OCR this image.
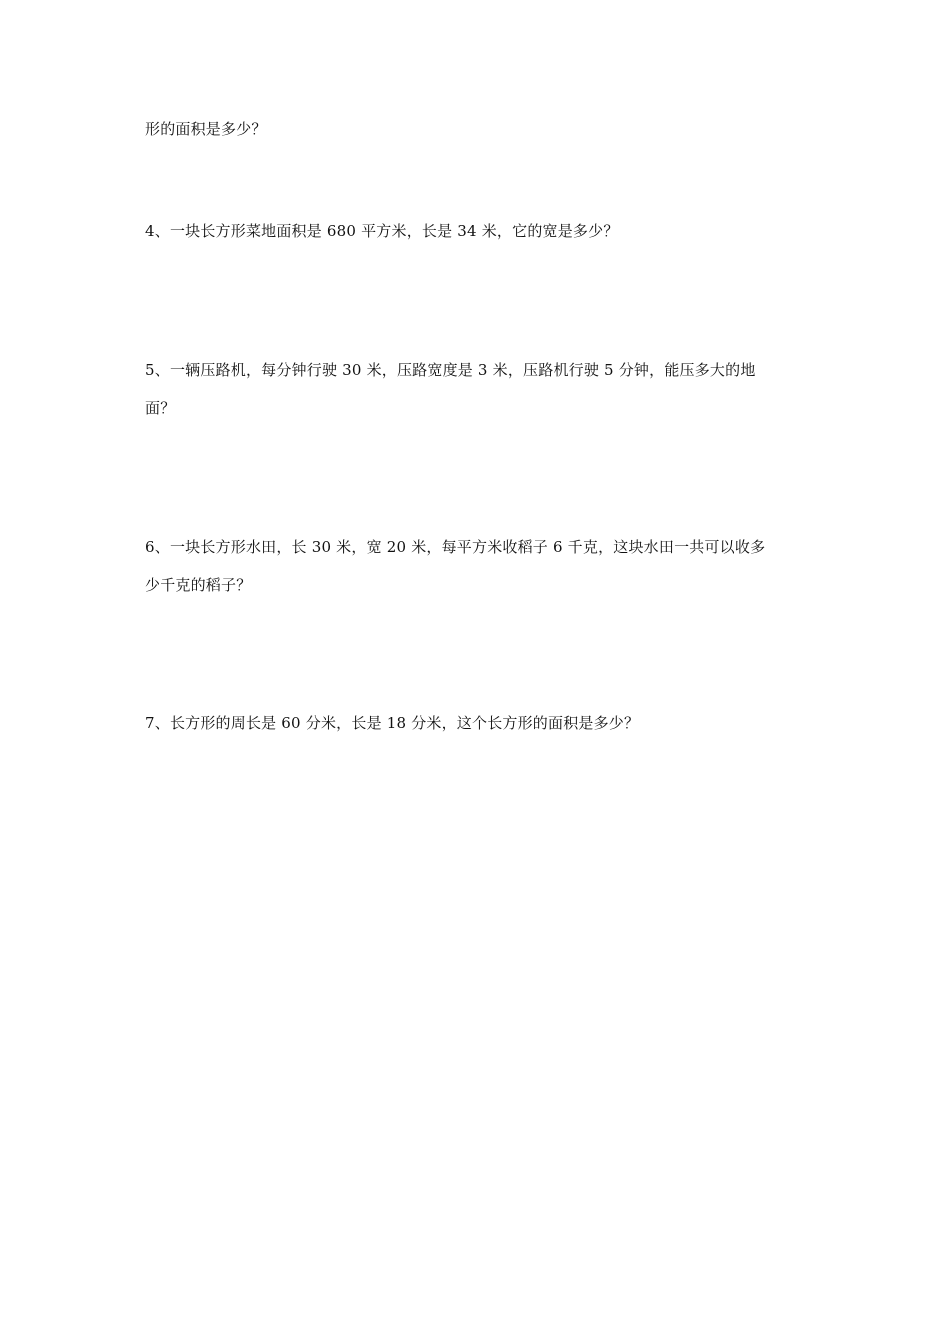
形的面积是多少？
4、一块长方形菜地面积是 680 平方米，长是 34 米，它的宽是多少？
5、一辆压路机，每分钟行驶 30 米，压路宽度是 3 米，压路机行驶 5 分钟，能压多大的地
面？
6、一块长方形水田，长 30 米，宽 20 米，每平方米收稻子 6 千克，这块水田一共可以收多
少千克的稻子？
7、长方形的周长是 60 分米，长是 18 分米，这个长方形的面积是多少？
